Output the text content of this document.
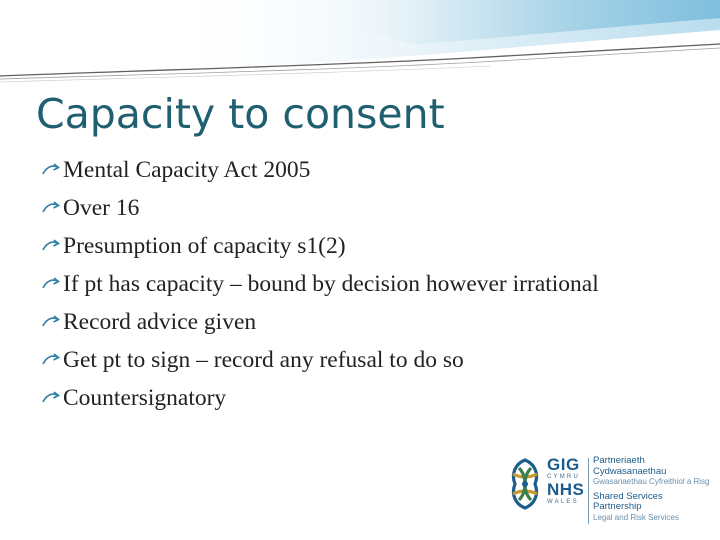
Capacity to consent
Mental Capacity Act 2005
Over 16
Presumption of capacity s1(2)
If pt has capacity – bound by decision however irrational
Record advice given
Get pt to sign – record any refusal to do so
Countersignatory
GIG
CYMRU
NHS
WALES
Partneriaeth
Cydwasanaethau
Gwasanaethau Cyfreithiol a Risg
Shared Services
Partnership
Legal and Risk Services
